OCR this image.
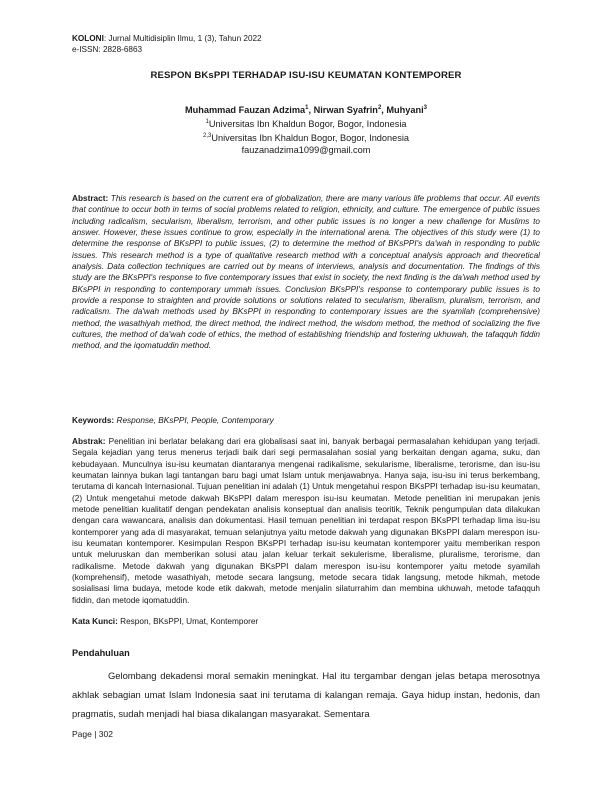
KOLONI: Jurnal Multidisiplin Ilmu, 1 (3), Tahun 2022
e-ISSN: 2828-6863
RESPON BKsPPI TERHADAP ISU-ISU KEUMATAN KONTEMPORER
Muhammad Fauzan Adzima$^1$, Nirwan Syafrin$^2$, Muhyani$^3$
$^1$Universitas Ibn Khaldun Bogor, Bogor, Indonesia
$^{2,3}$Universitas Ibn Khaldun Bogor, Bogor, Indonesia
fauzanadzima1099@gmail.com
Abstract: This research is based on the current era of globalization, there are many various life problems that occur. All events that continue to occur both in terms of social problems related to religion, ethnicity, and culture. The emergence of public issues including radicalism, secularism, liberalism, terrorism, and other public issues is no longer a new challenge for Muslims to answer. However, these issues continue to grow, especially in the international arena. The objectives of this study were (1) to determine the response of BKsPPI to public issues, (2) to determine the method of BKsPPI's da'wah in responding to public issues. This research method is a type of qualitative research method with a conceptual analysis approach and theoretical analysis. Data collection techniques are carried out by means of interviews, analysis and documentation. The findings of this study are the BKsPPI's response to five contemporary issues that exist in society, the next finding is the da'wah method used by BKsPPI in responding to contemporary ummah issues. Conclusion BKsPPI's response to contemporary public issues is to provide a response to straighten and provide solutions or solutions related to secularism, liberalism, pluralism, terrorism, and radicalism. The da'wah methods used by BKsPPI in responding to contemporary issues are the syamilah (comprehensive) method, the wasathiyah method, the direct method, the indirect method, the wisdom method, the method of socializing the five cultures, the method of da'wah code of ethics, the method of establishing friendship and fostering ukhuwah, the tafaqquh fiddin method, and the iqomatuddin method.
Keywords: Response, BKsPPI, People, Contemporary
Abstrak: Penelitian ini berlatar belakang dari era globalisasi saat ini, banyak berbagai permasalahan kehidupan yang terjadi. Segala kejadian yang terus menerus terjadi baik dari segi permasalahan sosial yang berkaitan dengan agama, suku, dan kebudayaan. Munculnya isu-isu keumatan diantaranya mengenai radikalisme, sekularisme, liberalisme, terorisme, dan isu-isu keumatan lainnya bukan lagi tantangan baru bagi umat Islam untuk menjawabnya. Hanya saja, isu-isu ini terus berkembang, terutama di kancah Internasional. Tujuan penelitian ini adalah (1) Untuk mengetahui respon BKsPPI terhadap isu-isu keumatan, (2) Untuk mengetahui metode dakwah BKsPPI dalam merespon isu-isu keumatan. Metode penelitian ini merupakan jenis metode penelitian kualitatif dengan pendekatan analisis konseptual dan analisis teoritik, Teknik pengumpulan data dilakukan dengan cara wawancara, analisis dan dokumentasi. Hasil temuan penelitian ini terdapat respon BKsPPI terhadap lima isu-isu kontemporer yang ada di masyarakat, temuan selanjutnya yaitu metode dakwah yang digunakan BKsPPI dalam merespon isu-isu keumatan kontemporer. Kesimpulan Respon BKsPPI terhadap isu-isu keumatan kontemporer yaitu memberikan respon untuk meluruskan dan memberikan solusi atau jalan keluar terkait sekulerisme, liberalisme, pluralisme, terorisme, dan radikalisme. Metode dakwah yang digunakan BKsPPI dalam merespon isu-isu kontemporer yaitu metode syamilah (komprehensif), metode wasathiyah, metode secara langsung, metode secara tidak langsung, metode hikmah, metode sosialisasi lima budaya, metode kode etik dakwah, metode menjalin silaturrahim dan membina ukhuwah, metode tafaqquh fiddin, dan metode iqomatuddin.
Kata Kunci: Respon, BKsPPI, Umat, Kontemporer
Pendahuluan
Gelombang dekadensi moral semakin meningkat. Hal itu tergambar dengan jelas betapa merosotnya akhlak sebagian umat Islam Indonesia saat ini terutama di kalangan remaja. Gaya hidup instan, hedonis, dan pragmatis, sudah menjadi hal biasa dikalangan masyarakat. Sementara
Page | 302
